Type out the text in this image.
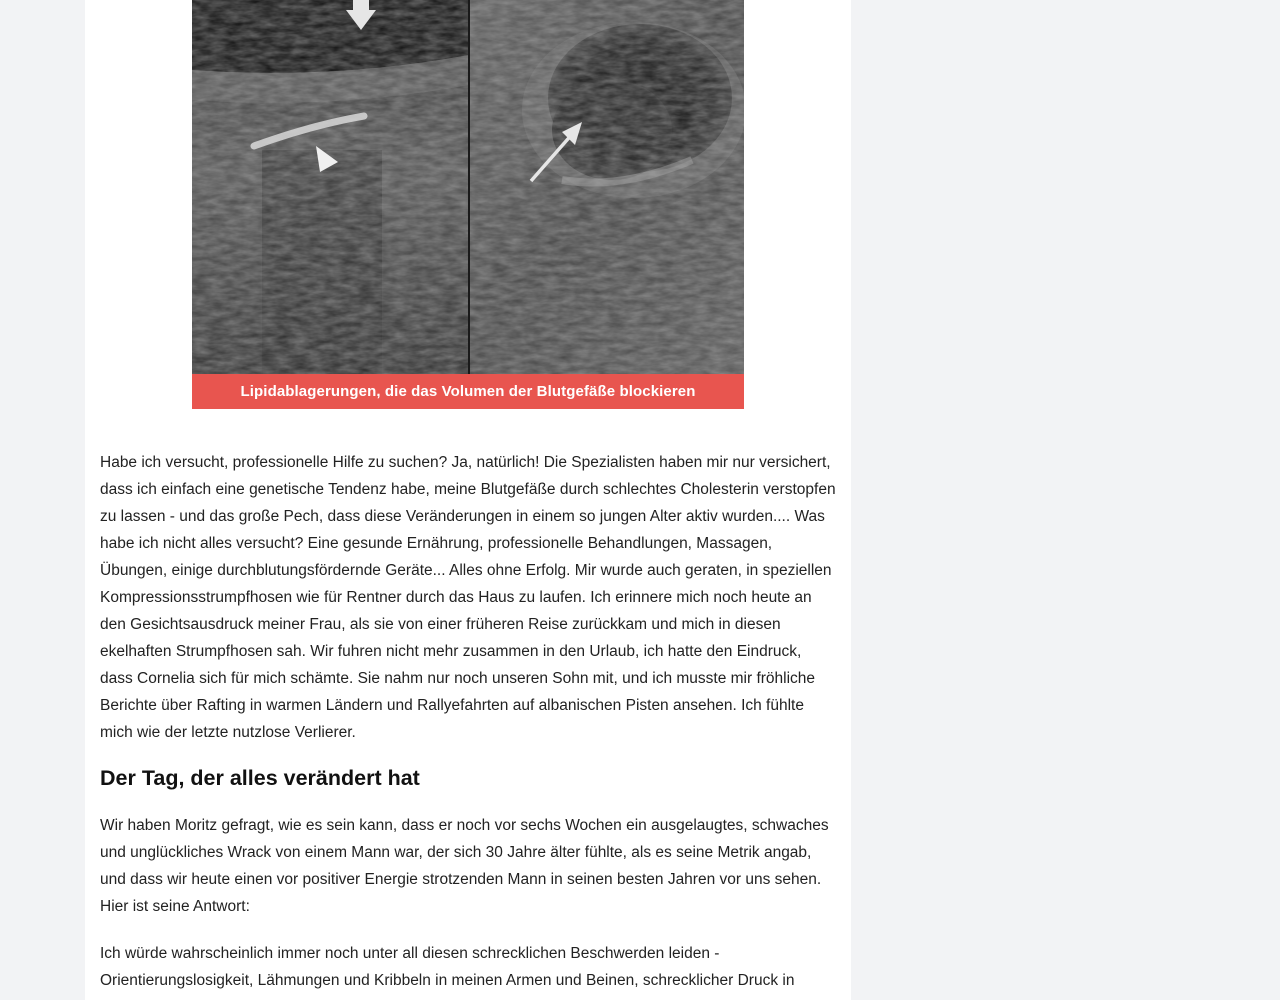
Lipidablagerungen, die das Volumen der Blutgefäße blockieren

Habe ich versucht, professionelle Hilfe zu suchen? Ja, natürlich! Die Spezialisten haben mir nur versichert, dass ich einfach eine genetische Tendenz habe, meine Blutgefäße durch schlechtes Cholesterin verstopfen zu lassen - und das große Pech, dass diese Veränderungen in einem so jungen Alter aktiv wurden.... Was habe ich nicht alles versucht? Eine gesunde Ernährung, professionelle Behandlungen, Massagen, Übungen, einige durchblutungsfördernde Geräte... Alles ohne Erfolg. Mir wurde auch geraten, in speziellen Kompressionsstrumpfhosen wie für Rentner durch das Haus zu laufen. Ich erinnere mich noch heute an den Gesichtsausdruck meiner Frau, als sie von einer früheren Reise zurückkam und mich in diesen ekelhaften Strumpfhosen sah. Wir fuhren nicht mehr zusammen in den Urlaub, ich hatte den Eindruck, dass Cornelia sich für mich schämte. Sie nahm nur noch unseren Sohn mit, und ich musste mir fröhliche Berichte über Rafting in warmen Ländern und Rallyefahrten auf albanischen Pisten ansehen. Ich fühlte mich wie der letzte nutzlose Verlierer.

Der Tag, der alles verändert hat

Wir haben Moritz gefragt, wie es sein kann, dass er noch vor sechs Wochen ein ausgelaugtes, schwaches und unglückliches Wrack von einem Mann war, der sich 30 Jahre älter fühlte, als es seine Metrik angab, und dass wir heute einen vor positiver Energie strotzenden Mann in seinen besten Jahren vor uns sehen. Hier ist seine Antwort:

Ich würde wahrscheinlich immer noch unter all diesen schrecklichen Beschwerden leiden - Orientierungslosigkeit, Lähmungen und Kribbeln in meinen Armen und Beinen, schrecklicher Druck in
